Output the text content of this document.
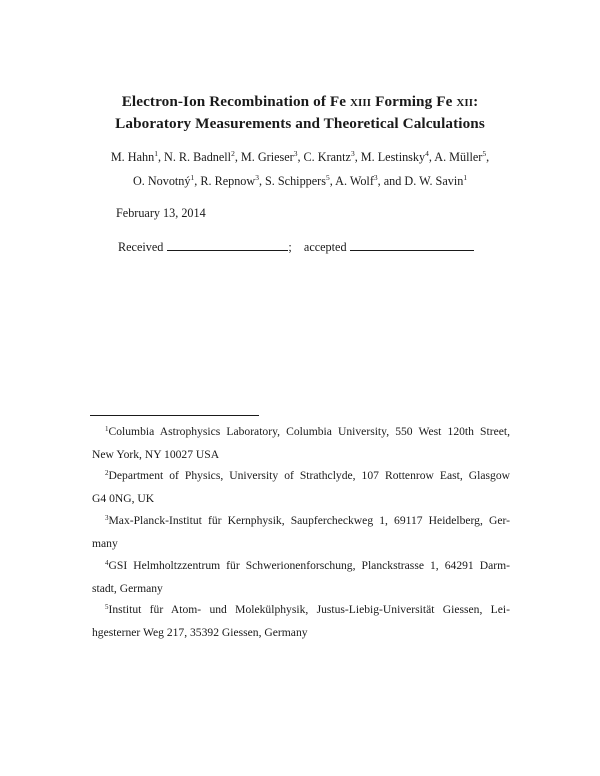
Electron-Ion Recombination of Fe xiii Forming Fe xii:
Laboratory Measurements and Theoretical Calculations
M. Hahn$^1$, N. R. Badnell$^2$, M. Grieser$^3$, C. Krantz$^3$, M. Lestinsky$^4$, A. Müller$^5$,
O. Novotný$^1$, R. Repnow$^3$, S. Schippers$^5$, A. Wolf$^3$, and D. W. Savin$^1$
February 13, 2014
Received	; accepted
$^1$Columbia Astrophysics Laboratory, Columbia University, 550 West 120th Street,
New York, NY 10027 USA
$^2$Department of Physics, University of Strathclyde, 107 Rottenrow East, Glasgow
G4 0NG, UK
$^3$Max-Planck-Institut für Kernphysik, Saupfercheckweg 1, 69117 Heidelberg, Ger-
many
$^4$GSI Helmholtzzentrum für Schwerionenforschung, Planckstrasse 1, 64291 Darm-
stadt, Germany
$^5$Institut für Atom- und Molekülphysik, Justus-Liebig-Universität Giessen, Lei-
hgesterner Weg 217, 35392 Giessen, Germany
